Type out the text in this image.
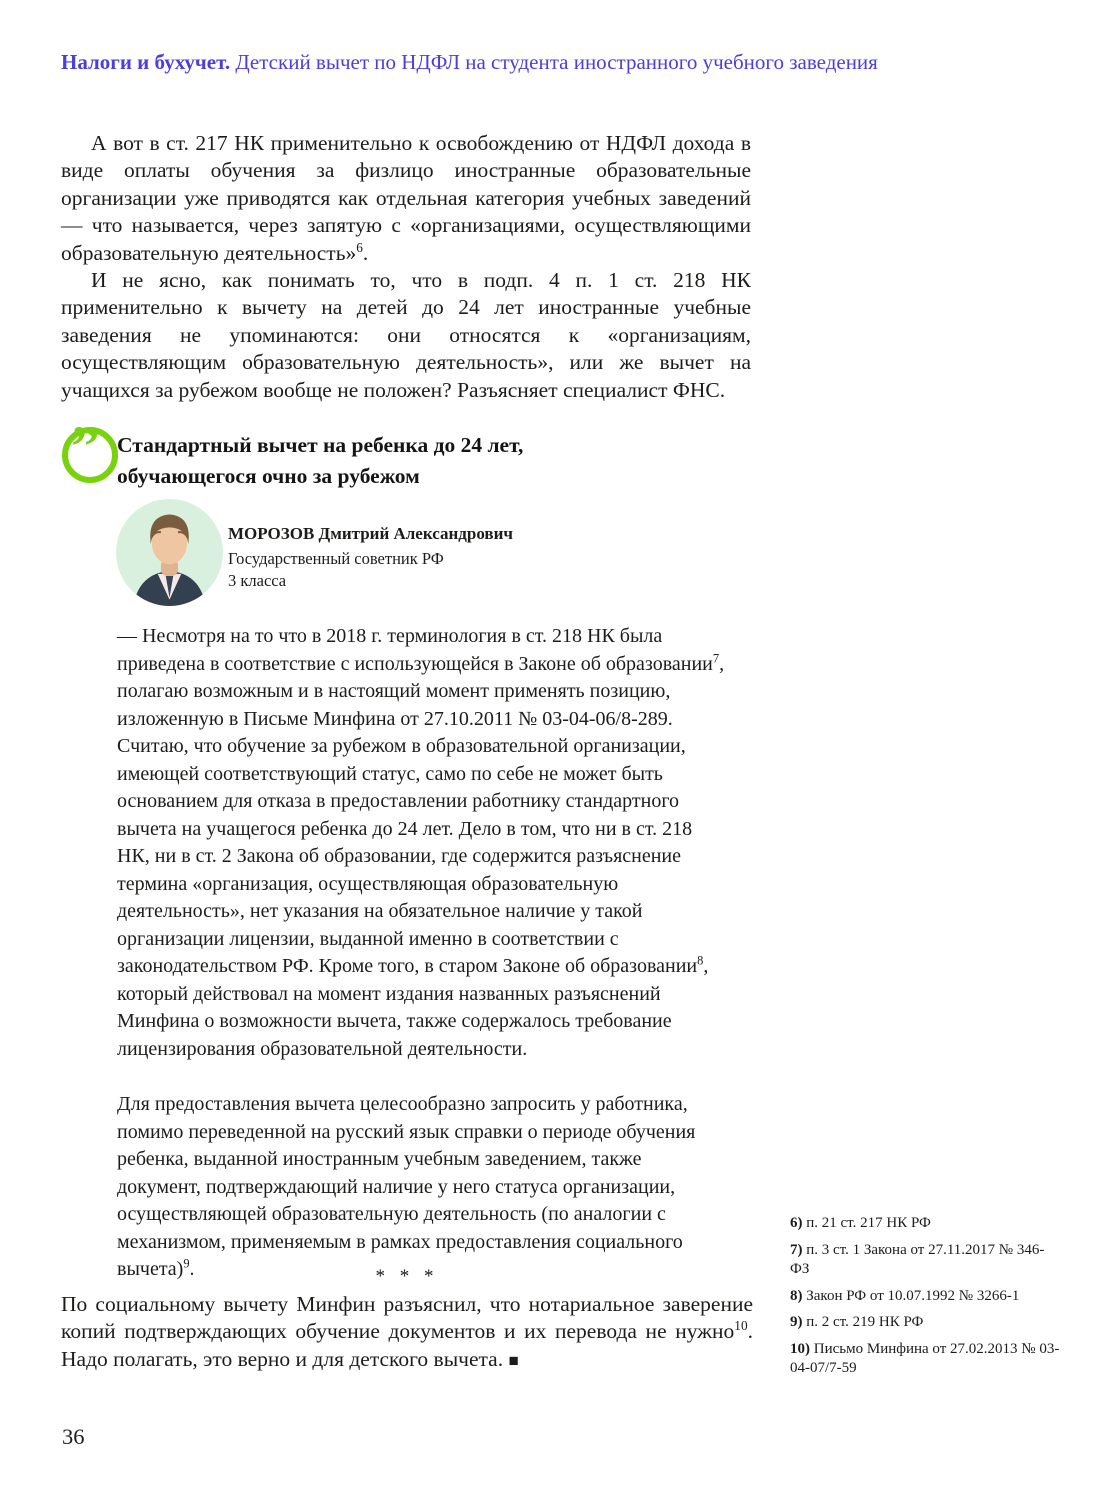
Налоги и бухучет. Детский вычет по НДФЛ на студента иностранного учебного заведения

А вот в ст. 217 НК применительно к освобождению от НДФЛ дохода в виде оплаты обучения за физлицо иностранные образовательные организации уже приводятся как отдельная категория учебных заведений — что называется, через запятую с «организациями, осуществляющими образовательную деятельность»$^6$.

И не ясно, как понимать то, что в подп. 4 п. 1 ст. 218 НК применительно к вычету на детей до 24 лет иностранные учебные заведения не упоминаются: они относятся к «организациям, осуществляющим образовательную деятельность», или же вычет на учащихся за рубежом вообще не положен? Разъясняет специалист ФНС.

” Стандартный вычет на ребенка до 24 лет,
обучающегося очно за рубежом
МОРОЗОВ Дмитрий Александрович
Государственный советник РФ
3 класса

— Несмотря на то что в 2018 г. терминология в ст. 218 НК была приведена в соответствие с использующейся в Законе об образовании$^7$, полагаю возможным и в настоящий момент применять позицию, изложенную в Письме Минфина от 27.10.2011 № 03-04-06/8-289. Считаю, что обучение за рубежом в образовательной организации, имеющей соответствующий статус, само по себе не может быть основанием для отказа в предоставлении работнику стандартного вычета на учащегося ребенка до 24 лет. Дело в том, что ни в ст. 218 НК, ни в ст. 2 Закона об образовании, где содержится разъяснение термина «организация, осуществляющая образовательную деятельность», нет указания на обязательное наличие у такой организации лицензии, выданной именно в соответствии с законодательством РФ. Кроме того, в старом Законе об образовании$^8$, который действовал на момент издания названных разъяснений Минфина о возможности вычета, также содержалось требование лицензирования образовательной деятельности.

Для предоставления вычета целесообразно запросить у работника, помимо переведенной на русский язык справки о периоде обучения ребенка, выданной иностранным учебным заведением, также документ, подтверждающий наличие у него статуса организации, осуществляющей образовательную деятельность (по аналогии с механизмом, применяемым в рамках предоставления социального вычета)$^9$.

6) п. 21 ст. 217 НК РФ
7) п. 3 ст. 1 Закона от 27.11.2017 № 346-ФЗ
8) Закон РФ от 10.07.1992 № 3266-1
9) п. 2 ст. 219 НК РФ
10) Письмо Минфина от 27.02.2013 № 03-04-07/7-59
* * *

По социальному вычету Минфин разъяснил, что нотариальное заверение копий подтверждающих обучение документов и их перевода не нужно$^{10}$. Надо полагать, это верно и для детского вычета. ■

36
